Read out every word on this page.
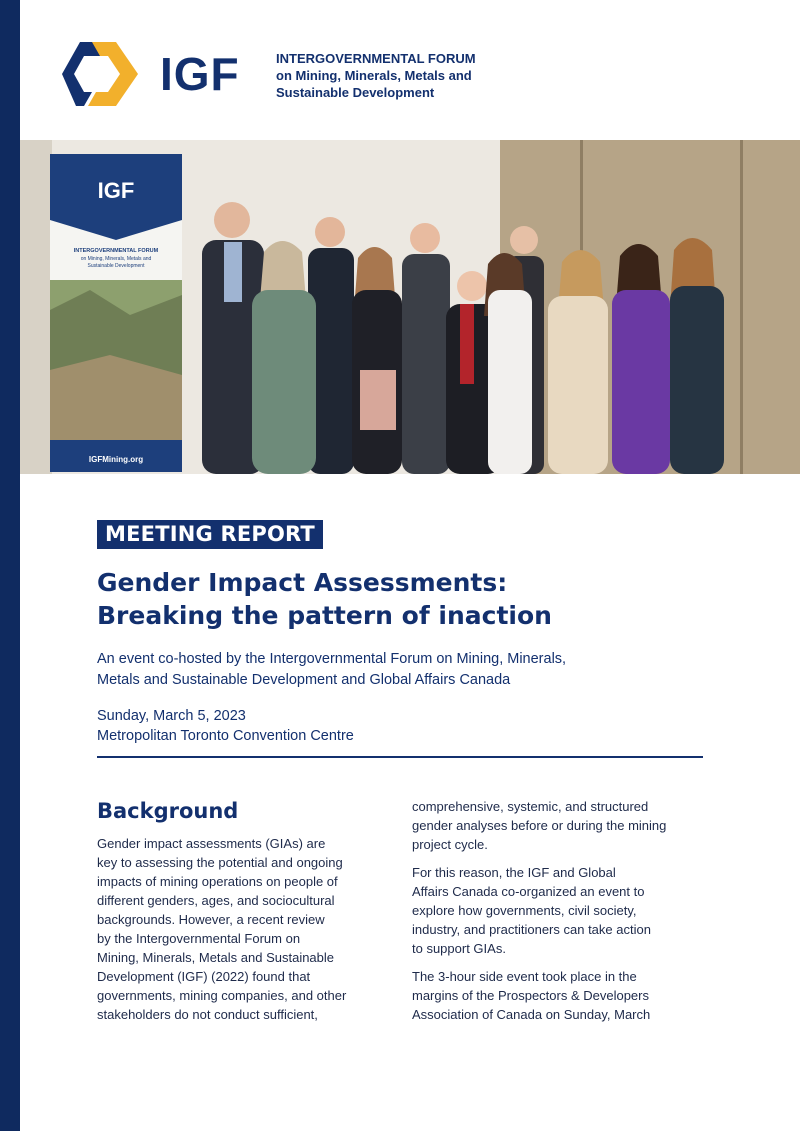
IGF	INTERGOVERNMENTAL FORUM
on Mining, Minerals, Metals and
Sustainable Development
IGF
INTERGOVERNMENTAL FORUM
on Mining, Minerals, Metals and
Sustainable Development
IGFMining.org
MEETING REPORT
Gender Impact Assessments:
Breaking the pattern of inaction
An event co-hosted by the Intergovernmental Forum on Mining, Minerals,
Metals and Sustainable Development and Global Affairs Canada
Sunday, March 5, 2023
Metropolitan Toronto Convention Centre
Background
Gender impact assessments (GIAs) are
key to assessing the potential and ongoing
impacts of mining operations on people of
different genders, ages, and sociocultural
backgrounds. However, a recent review
by the Intergovernmental Forum on
Mining, Minerals, Metals and Sustainable
Development (IGF) (2022) found that
governments, mining companies, and other
stakeholders do not conduct sufficient,

comprehensive, systemic, and structured
gender analyses before or during the mining
project cycle.

For this reason, the IGF and Global
Affairs Canada co-organized an event to
explore how governments, civil society,
industry, and practitioners can take action
to support GIAs.

The 3-hour side event took place in the
margins of the Prospectors & Developers
Association of Canada on Sunday, March
